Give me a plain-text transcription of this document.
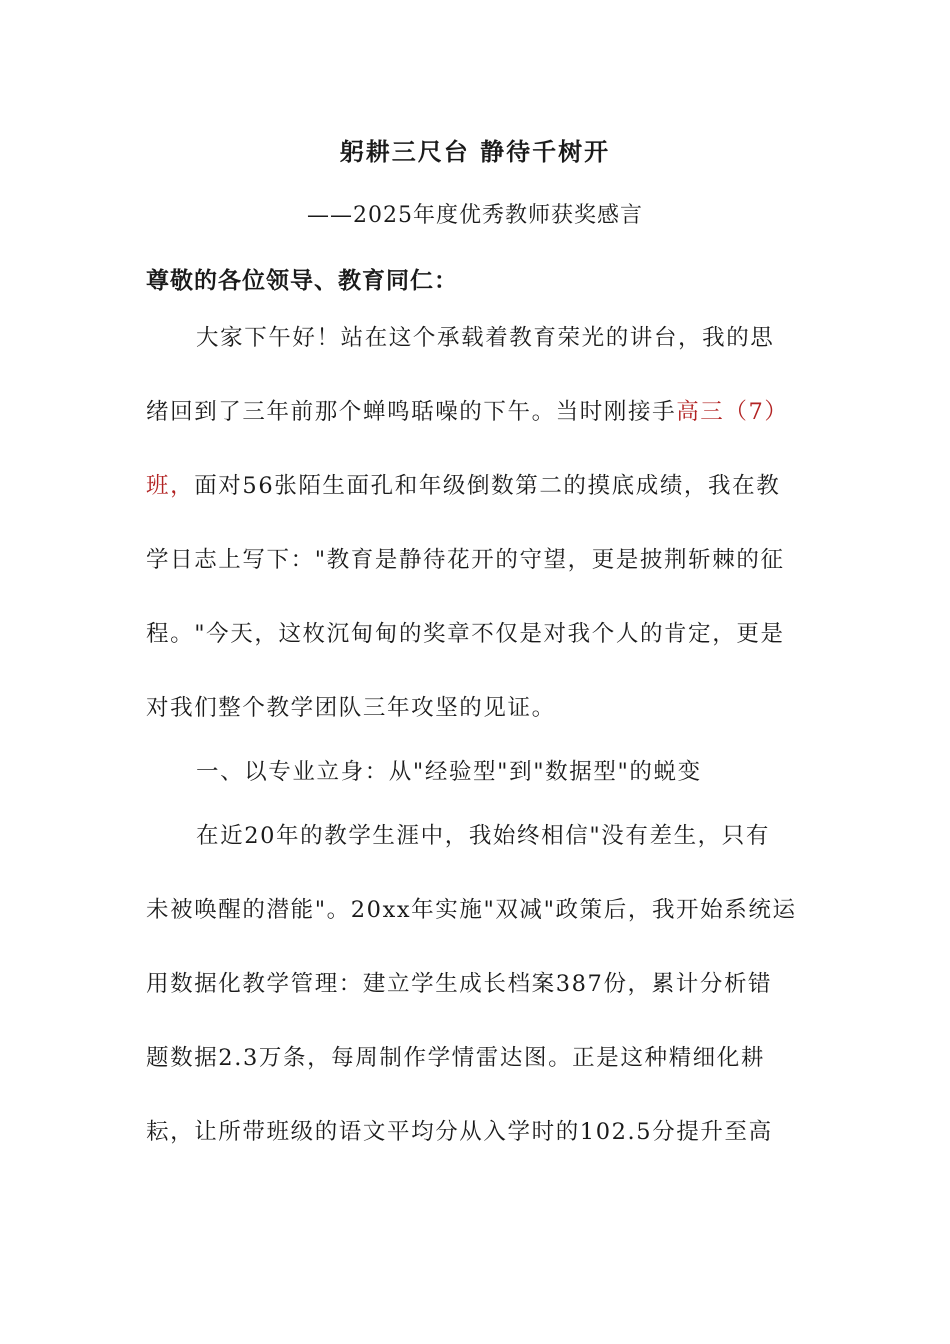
躬耕三尺台 静待千树开

——2025年度优秀教师获奖感言

尊敬的各位领导、教育同仁：

大家下午好！站在这个承载着教育荣光的讲台，我的思
绪回到了三年前那个蝉鸣聒噪的下午。当时刚接手高三（7）
班，面对56张陌生面孔和年级倒数第二的摸底成绩，我在教
学日志上写下："教育是静待花开的守望，更是披荆斩棘的征
程。"今天，这枚沉甸甸的奖章不仅是对我个人的肯定，更是
对我们整个教学团队三年攻坚的见证。
一、以专业立身：从"经验型"到"数据型"的蜕变
在近20年的教学生涯中，我始终相信"没有差生，只有
未被唤醒的潜能"。20xx年实施"双减"政策后，我开始系统运
用数据化教学管理：建立学生成长档案387份，累计分析错
题数据2.3万条，每周制作学情雷达图。正是这种精细化耕
耘，让所带班级的语文平均分从入学时的102.5分提升至高
